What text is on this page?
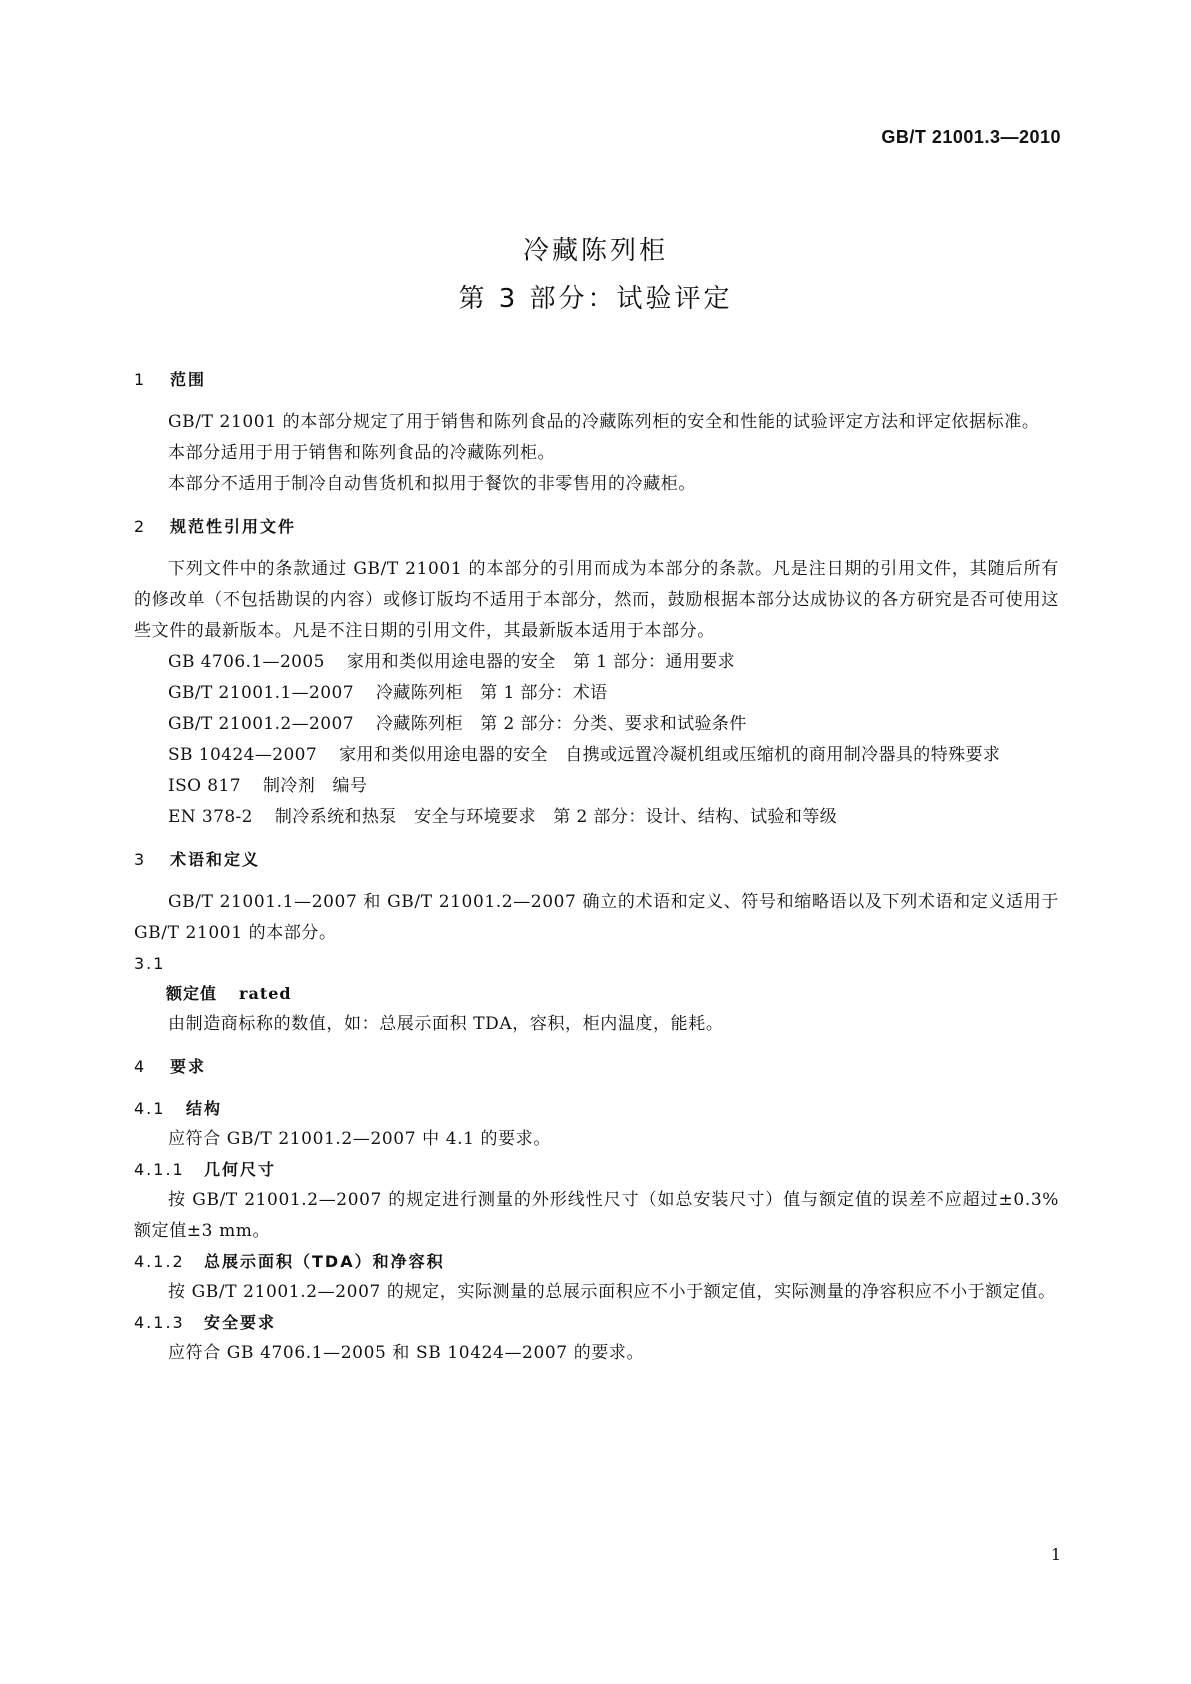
GB/T 21001.3—2010
冷藏陈列柜
第 3 部分：试验评定

1 范围

GB/T 21001 的本部分规定了用于销售和陈列食品的冷藏陈列柜的安全和性能的试验评定方法和评定依据标准。

本部分适用于用于销售和陈列食品的冷藏陈列柜。

本部分不适用于制冷自动售货机和拟用于餐饮的非零售用的冷藏柜。

2 规范性引用文件

下列文件中的条款通过 GB/T 21001 的本部分的引用而成为本部分的条款。凡是注日期的引用文件，其随后所有的修改单（不包括勘误的内容）或修订版均不适用于本部分，然而，鼓励根据本部分达成协议的各方研究是否可使用这些文件的最新版本。凡是不注日期的引用文件，其最新版本适用于本部分。

GB 4706.1—2005 家用和类似用途电器的安全　第 1 部分：通用要求

GB/T 21001.1—2007 冷藏陈列柜　第 1 部分：术语

GB/T 21001.2—2007 冷藏陈列柜　第 2 部分：分类、要求和试验条件

SB 10424—2007 家用和类似用途电器的安全　自携或远置冷凝机组或压缩机的商用制冷器具的特殊要求

ISO 817 制冷剂　编号

EN 378-2 制冷系统和热泵　安全与环境要求　第 2 部分：设计、结构、试验和等级

3 术语和定义

GB/T 21001.1—2007 和 GB/T 21001.2—2007 确立的术语和定义、符号和缩略语以及下列术语和定义适用于 GB/T 21001 的本部分。

3.1

额定值 rated

由制造商标称的数值，如：总展示面积 TDA，容积，柜内温度，能耗。

4 要求

4.1 结构

应符合 GB/T 21001.2—2007 中 4.1 的要求。

4.1.1 几何尺寸

按 GB/T 21001.2—2007 的规定进行测量的外形线性尺寸（如总安装尺寸）值与额定值的误差不应超过±0.3%额定值±3 mm。

4.1.2 总展示面积（TDA）和净容积

按 GB/T 21001.2—2007 的规定，实际测量的总展示面积应不小于额定值，实际测量的净容积应不小于额定值。

4.1.3 安全要求

应符合 GB 4706.1—2005 和 SB 10424—2007 的要求。

1
